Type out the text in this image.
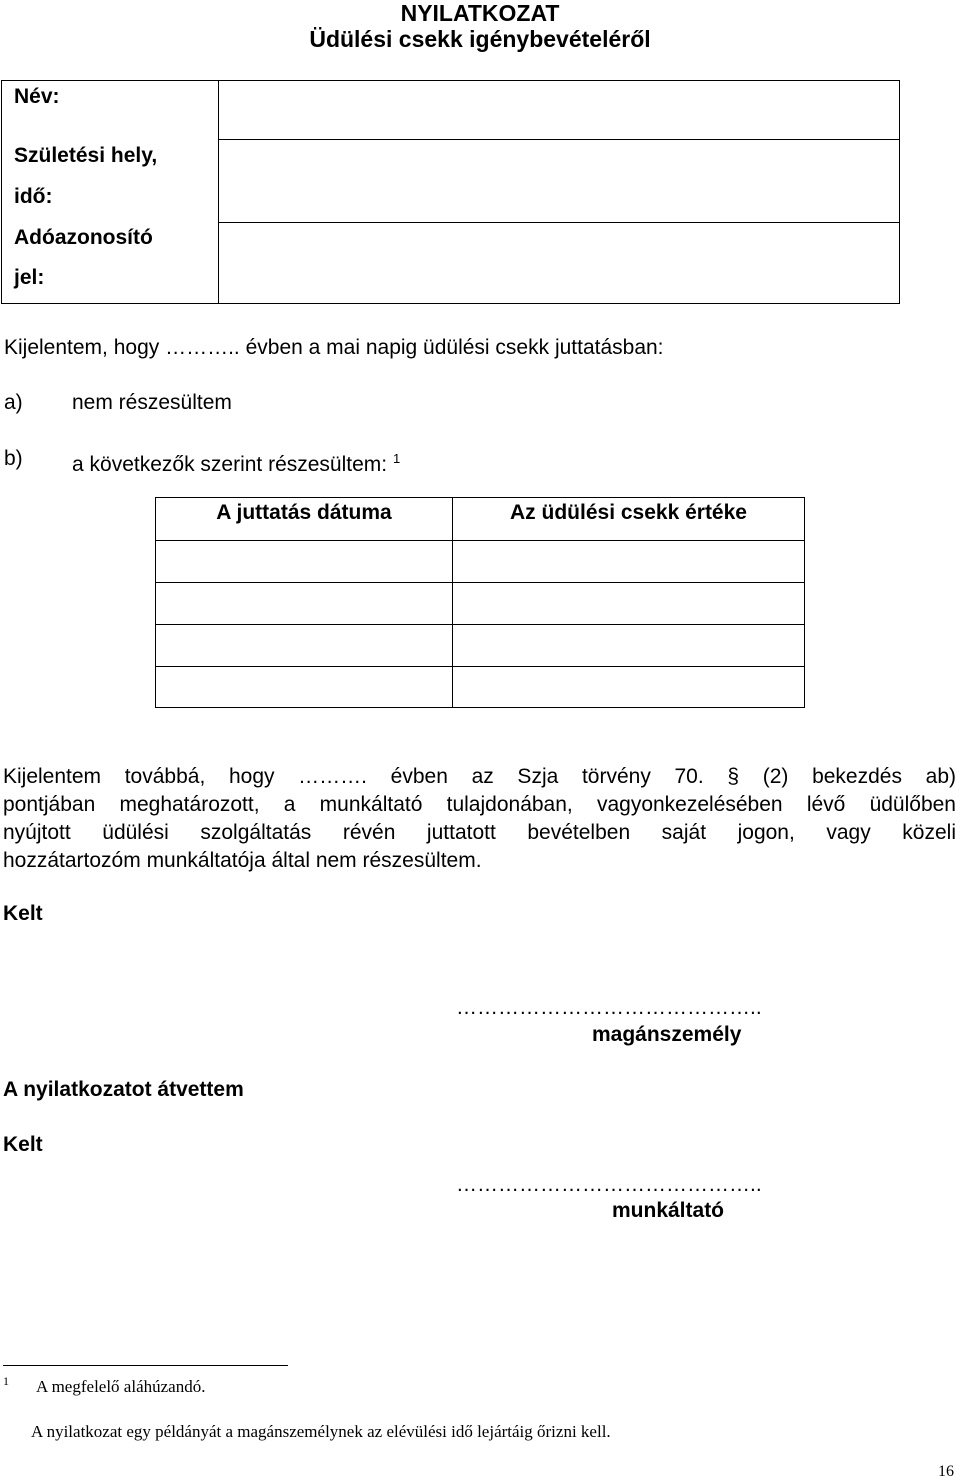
NYILATKOZAT
Üdülési csekk igénybevételéről
Név:
Születési hely,
idő:
Adóazonosító
jel:
Kijelentem, hogy ……….. évben a mai napig üdülési csekk juttatásban:
a) nem részesültem
b) a következők szerint részesültem: $^1$
A juttatás dátuma	Az üdülési csekk értéke
Kijelentem továbbá, hogy ………. évben az Szja törvény 70. § (2) bekezdés ab)
pontjában meghatározott, a munkáltató tulajdonában, vagyonkezelésében lévő üdülőben
nyújtott üdülési szolgáltatás révén juttatott bevételben saját jogon, vagy közeli
hozzátartozóm munkáltatója által nem részesültem.
Kelt
……………………………………..
magánszemély
A nyilatkozatot átvettem
Kelt
……………………………………..
munkáltató
1 A megfelelő aláhúzandó.
A nyilatkozat egy példányát a magánszemélynek az elévülési idő lejártáig őrizni kell.
16
